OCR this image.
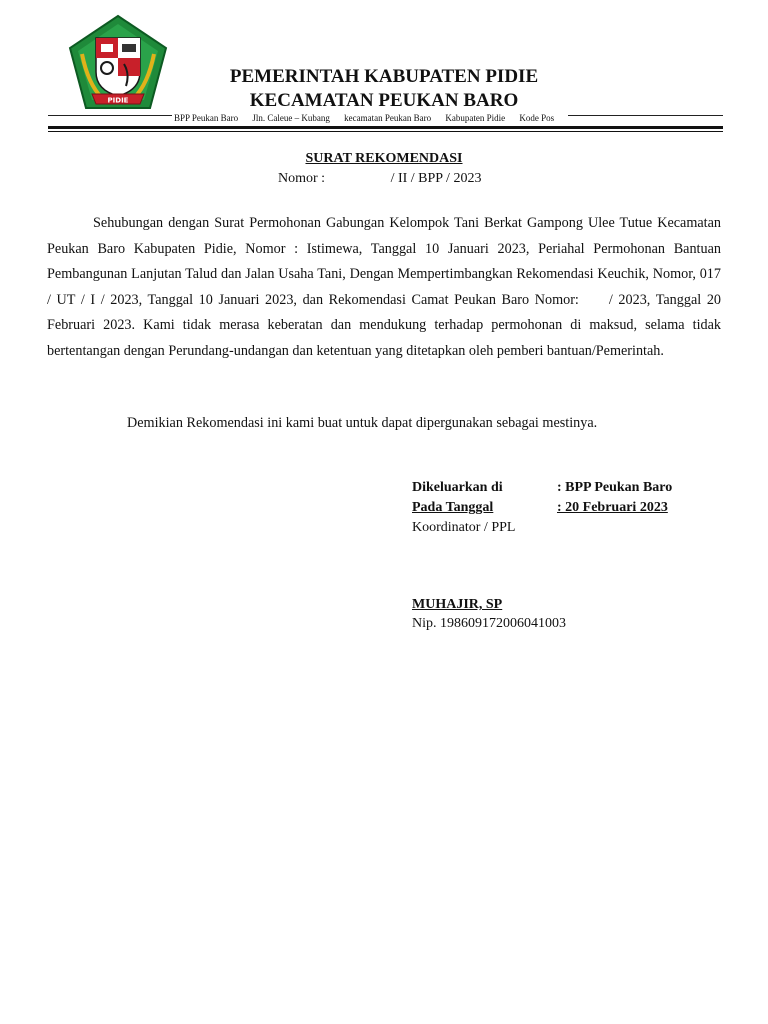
PIDIE
PEMERINTAH KABUPATEN PIDIE
KECAMATAN PEUKAN BARO
BPP Peukan Baro Jln. Caleue – Kubang kecamatan Peukan Baro Kabupaten Pidie Kode Pos
SURAT REKOMENDASI
Nomor :	/ II / BPP / 2023
Sehubungan dengan Surat Permohonan Gabungan Kelompok Tani Berkat Gampong Ulee Tutue Kecamatan Peukan Baro Kabupaten Pidie, Nomor : Istimewa, Tanggal 10 Januari 2023, Periahal Permohonan Bantuan Pembangunan Lanjutan Talud dan Jalan Usaha Tani, Dengan Mempertimbangkan Rekomendasi Keuchik, Nomor, 017 / UT / I / 2023, Tanggal 10 Januari 2023, dan Rekomendasi Camat Peukan Baro Nomor: / 2023, Tanggal 20 Februari 2023. Kami tidak merasa keberatan dan mendukung terhadap permohonan di maksud, selama tidak bertentangan dengan Perundang-undangan dan ketentuan yang ditetapkan oleh pemberi bantuan/Pemerintah.
Demikian Rekomendasi ini kami buat untuk dapat dipergunakan sebagai mestinya.
Dikeluarkan di	: BPP Peukan Baro
Pada Tanggal	: 20 Februari 2023
Koordinator / PPL
MUHAJIR, SP
Nip. 198609172006041003
